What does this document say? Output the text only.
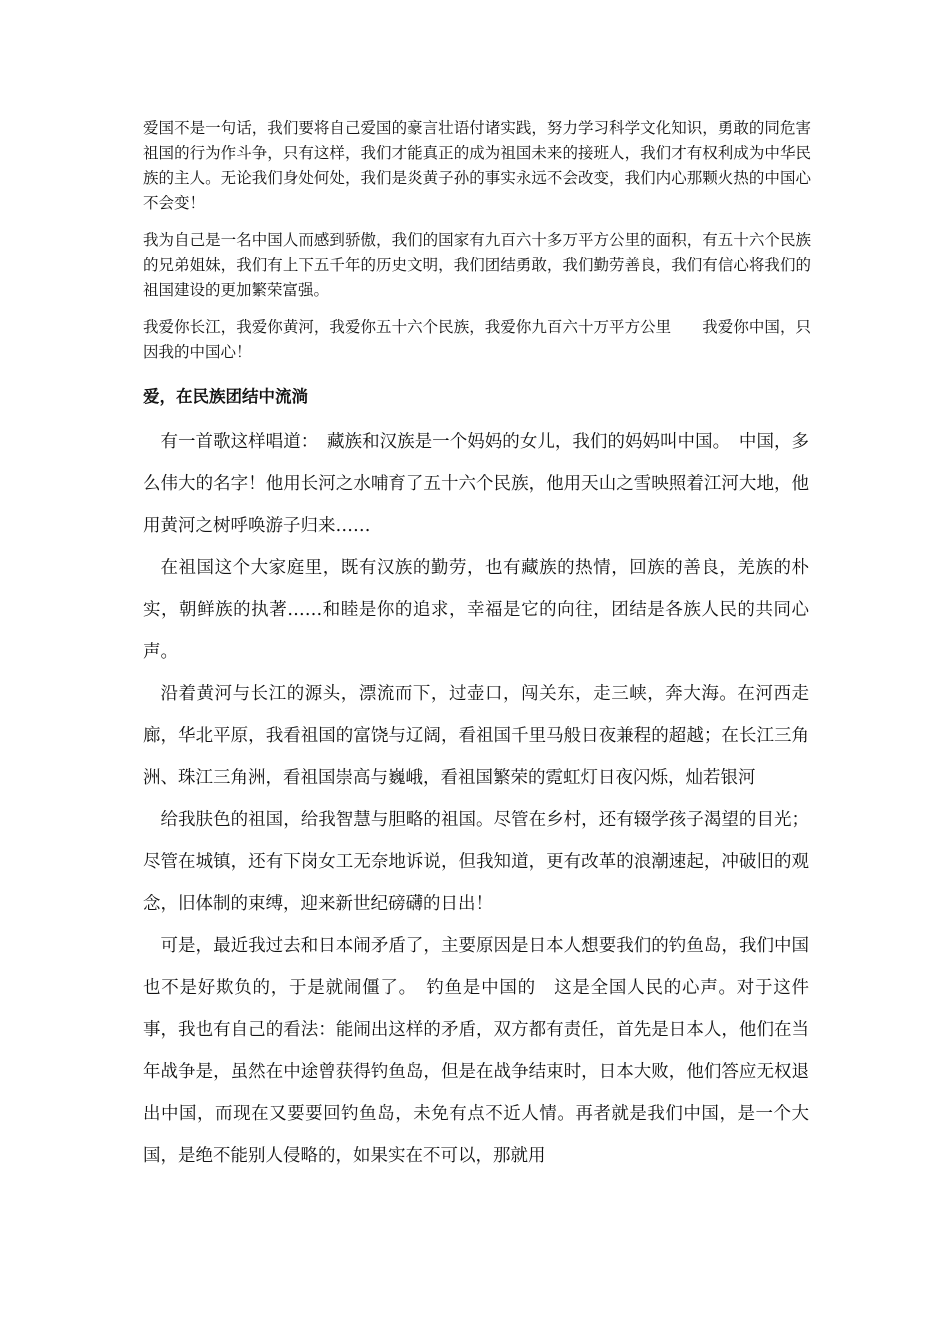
爱国不是一句话，我们要将自己爱国的豪言壮语付诸实践，努力学习科学文化知识，勇敢的同危害祖国的行为作斗争，只有这样，我们才能真正的成为祖国未来的接班人，我们才有权利成为中华民族的主人。无论我们身处何处，我们是炎黄子孙的事实永远不会改变，我们内心那颗火热的中国心不会变！

我为自己是一名中国人而感到骄傲，我们的国家有九百六十多万平方公里的面积，有五十六个民族的兄弟姐妹，我们有上下五千年的历史文明，我们团结勇敢，我们勤劳善良，我们有信心将我们的祖国建设的更加繁荣富强。

我爱你长江，我爱你黄河，我爱你五十六个民族，我爱你九百六十万平方公里　　我爱你中国，只因我的中国心！

爱，在民族团结中流淌

有一首歌这样唱道：　藏族和汉族是一个妈妈的女儿，我们的妈妈叫中国。　中国，多么伟大的名字！他用长河之水哺育了五十六个民族，他用天山之雪映照着江河大地，他用黄河之树呼唤游子归来……

在祖国这个大家庭里，既有汉族的勤劳，也有藏族的热情，回族的善良，羌族的朴实，朝鲜族的执著……和睦是你的追求，幸福是它的向往，团结是各族人民的共同心声。

沿着黄河与长江的源头，漂流而下，过壶口，闯关东，走三峡，奔大海。在河西走廊，华北平原，我看祖国的富饶与辽阔，看祖国千里马般日夜兼程的超越；在长江三角洲、珠江三角洲，看祖国崇高与巍峨，看祖国繁荣的霓虹灯日夜闪烁，灿若银河

给我肤色的祖国，给我智慧与胆略的祖国。尽管在乡村，还有辍学孩子渴望的目光；尽管在城镇，还有下岗女工无奈地诉说，但我知道，更有改革的浪潮速起，冲破旧的观念，旧体制的束缚，迎来新世纪磅礴的日出！

可是，最近我过去和日本闹矛盾了，主要原因是日本人想要我们的钓鱼岛，我们中国也不是好欺负的，于是就闹僵了。　钓鱼是中国的　这是全国人民的心声。对于这件事，我也有自己的看法：能闹出这样的矛盾，双方都有责任，首先是日本人，他们在当年战争是，虽然在中途曾获得钓鱼岛，但是在战争结束时，日本大败，他们答应无权退出中国，而现在又要要回钓鱼岛，未免有点不近人情。再者就是我们中国，是一个大国，是绝不能别人侵略的，如果实在不可以，那就用
